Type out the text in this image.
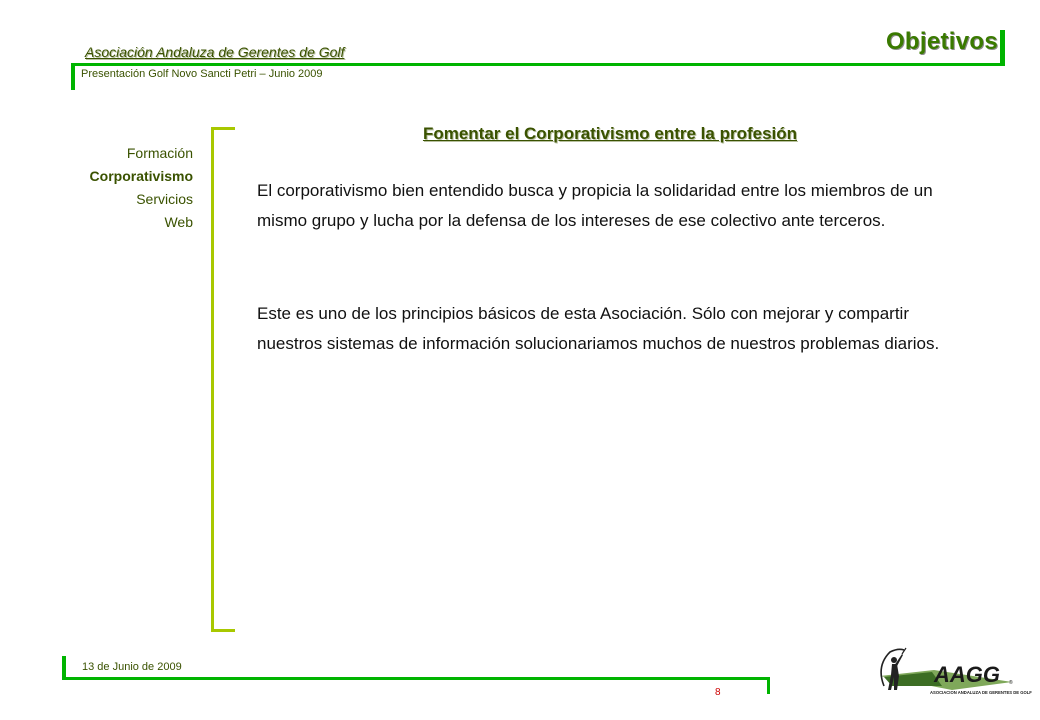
Asociación Andaluza de Gerentes de Golf
Presentación Golf Novo Sancti Petri – Junio 2009
Objetivos
Formación
Corporativismo
Servicios
Web
Fomentar el Corporativismo entre la profesión

El corporativismo bien entendido busca y propicia la solidaridad entre los miembros de un mismo grupo y lucha por la defensa de los intereses de ese colectivo ante terceros.

Este es uno de los principios básicos de esta Asociación. Sólo con mejorar y compartir nuestros sistemas de información solucionariamos muchos de nuestros problemas diarios.

13 de Junio de 2009
8
AAGG
ASOCIACION ANDALUZA DE GERENTES DE GOLF
®
